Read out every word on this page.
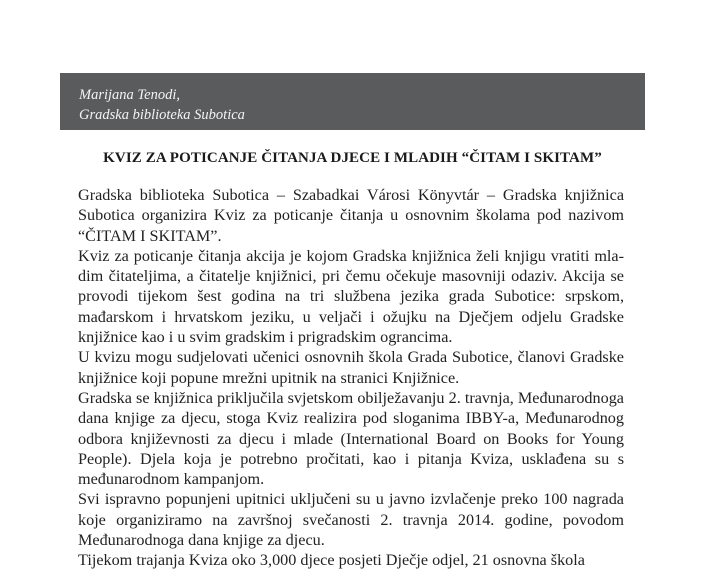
Marijana Tenodi,
Gradska biblioteka Subotica
KVIZ ZA POTICANJE ČITANJA DJECE I MLADIH “ČITAM I SKITAM”

Gradska biblioteka Subotica – Szabadkai Városi Könyvtár – Gradska knjižnica Subotica organizira Kviz za poticanje čitanja u osnovnim školama pod nazivom “ČITAM I SKITAM”.

Kviz za poticanje čitanja akcija je kojom Gradska knjižnica želi knjigu vratiti mladim čitateljima, a čitatelje knjižnici, pri čemu očekuje masovniji odaziv. Akcija se provodi tijekom šest godina na tri službena jezika grada Subotice: srpskom, mađarskom i hrvatskom jeziku, u veljači i ožujku na Dječjem odjelu Gradske knjižnice kao i u svim gradskim i prigradskim ograncima.

U kvizu mogu sudjelovati učenici osnovnih škola Grada Subotice, članovi Gradske knjižnice koji popune mrežni upitnik na stranici Knjižnice.

Gradska se knjižnica priključila svjetskom obilježavanju 2. travnja, Međunarodnoga dana knjige za djecu, stoga Kviz realizira pod sloganima IBBY-a, Međunarodnog odbora književnosti za djecu i mlade (International Board on Books for Young People). Djela koja je potrebno pročitati, kao i pitanja Kviza, usklađena su s međunarodnom kampanjom.

Svi ispravno popunjeni upitnici uključeni su u javno izvlačenje preko 100 nagrada koje organiziramo na završnoj svečanosti 2. travnja 2014. godine, povodom Međunarodnoga dana knjige za djecu.

Tijekom trajanja Kviza oko 3,000 djece posjeti Dječje odjel, 21 osnovna škola
